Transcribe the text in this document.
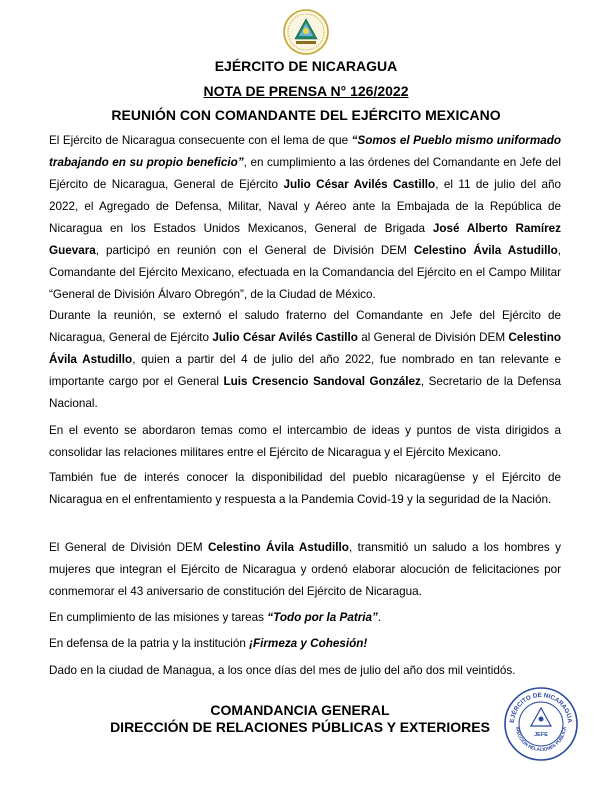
EJÉRCITO DE NICARAGUA
NOTA DE PRENSA N° 126/2022
REUNIÓN CON COMANDANTE DEL EJÉRCITO MEXICANO

El Ejército de Nicaragua consecuente con el lema de que “Somos el Pueblo mismo uniformado trabajando en su propio beneficio”, en cumplimiento a las órdenes del Comandante en Jefe del Ejército de Nicaragua, General de Ejército Julio César Avilés Castillo, el 11 de julio del año 2022, el Agregado de Defensa, Militar, Naval y Aéreo ante la Embajada de la República de Nicaragua en los Estados Unidos Mexicanos, General de Brigada José Alberto Ramírez Guevara, participó en reunión con el General de División DEM Celestino Ávila Astudillo, Comandante del Ejército Mexicano, efectuada en la Comandancia del Ejército en el Campo Militar “General de División Álvaro Obregón”, de la Ciudad de México.

Durante la reunión, se externó el saludo fraterno del Comandante en Jefe del Ejército de Nicaragua, General de Ejército Julio César Avilés Castillo al General de División DEM Celestino Ávila Astudillo, quien a partir del 4 de julio del año 2022, fue nombrado en tan relevante e importante cargo por el General Luis Cresencio Sandoval González, Secretario de la Defensa Nacional.

En el evento se abordaron temas como el intercambio de ideas y puntos de vista dirigidos a consolidar las relaciones militares entre el Ejército de Nicaragua y el Ejército Mexicano.

También fue de interés conocer la disponibilidad del pueblo nicaragüense y el Ejército de Nicaragua en el enfrentamiento y respuesta a la Pandemia Covid-19 y la seguridad de la Nación.

El General de División DEM Celestino Ávila Astudillo, transmitió un saludo a los hombres y mujeres que integran el Ejército de Nicaragua y ordenó elaborar alocución de felicitaciones por conmemorar el 43 aniversario de constitución del Ejército de Nicaragua.

En cumplimiento de las misiones y tareas “Todo por la Patria”.

En defensa de la patria y la institución ¡Firmeza y Cohesión!

Dado en la ciudad de Managua, a los once días del mes de julio del año dos mil veintidós.

COMANDANCIA GENERAL
DIRECCIÓN DE RELACIONES PÚBLICAS Y EXTERIORES	EJÉRCITO DE NICARAGUA
IRECCIÓN RELACIONES PÚBLICA
JEFE
